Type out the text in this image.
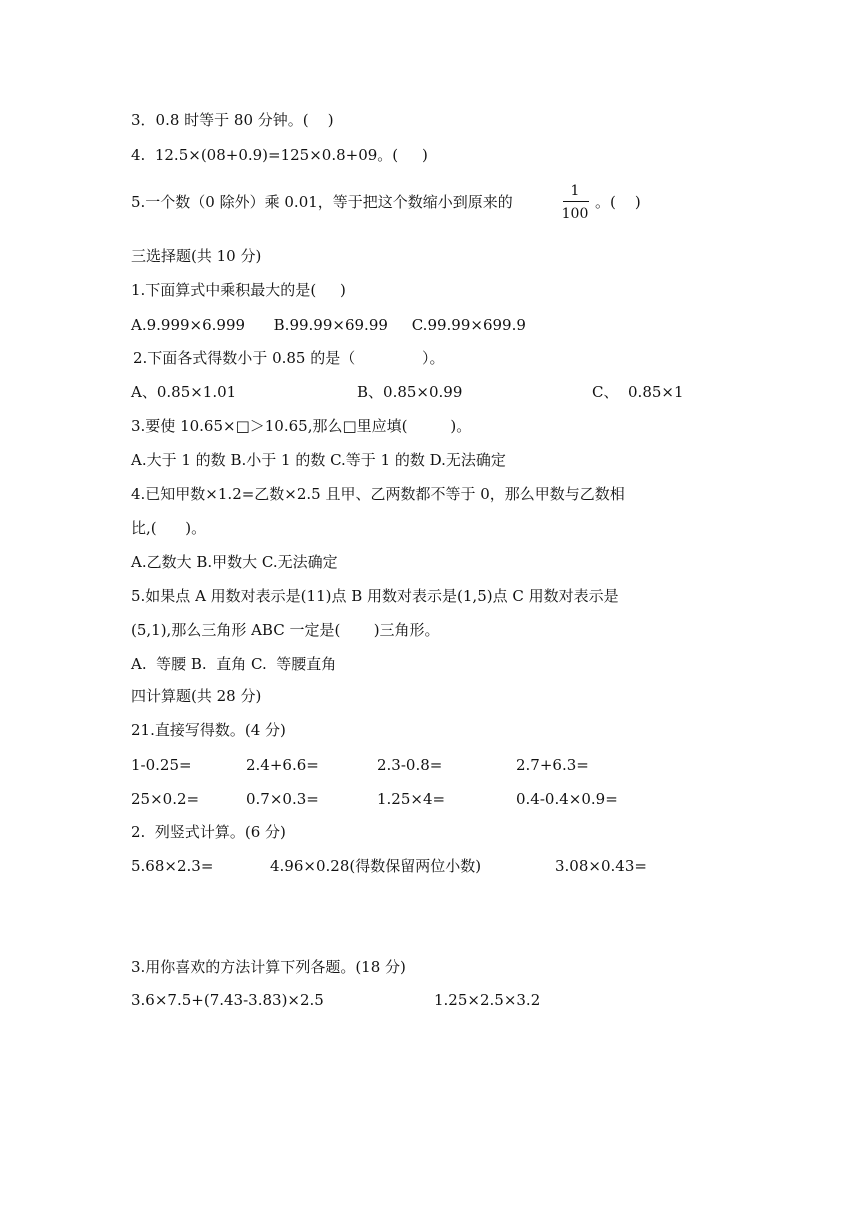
3．0.8 时等于 80 分钟。(    )
4.  12.5×(08+0.9)=125×0.8+09。(     )
5.一个数（0 除外）乘 0.01，等于把这个数缩小到原来的
1
100
。(    )
三选择题(共 10 分)
1.下面算式中乘积最大的是(     )
A.9.999×6.999      B.99.99×69.99     C.99.99×699.9
2.下面各式得数小于 0.85 的是（              ）。
A、0.85×1.01	B、0.85×0.99	C、  0.85×1
3.要使 10.65×□＞10.65,那么□里应填(         )。
A.大于 1 的数 B.小于 1 的数 C.等于 1 的数 D.无法确定
4.已知甲数×1.2=乙数×2.5 且甲、乙两数都不等于 0，那么甲数与乙数相
比,(      )。
A.乙数大 B.甲数大 C.无法确定
5.如果点 A 用数对表示是(11)点 B 用数对表示是(1,5)点 C 用数对表示是
(5,1),那么三角形 ABC 一定是(       )三角形。
A.  等腰 B.  直角 C.  等腰直角
四计算题(共 28 分)
21.直接写得数。(4 分)
1-0.25=	2.4+6.6=	2.3-0.8=	2.7+6.3=
25×0.2=	0.7×0.3=	1.25×4=	0.4-0.4×0.9=
2.  列竖式计算。(6 分)
5.68×2.3=	4.96×0.28(得数保留两位小数)	3.08×0.43=
3.用你喜欢的方法计算下列各题。(18 分)
3.6×7.5+(7.43-3.83)×2.5	1.25×2.5×3.2
